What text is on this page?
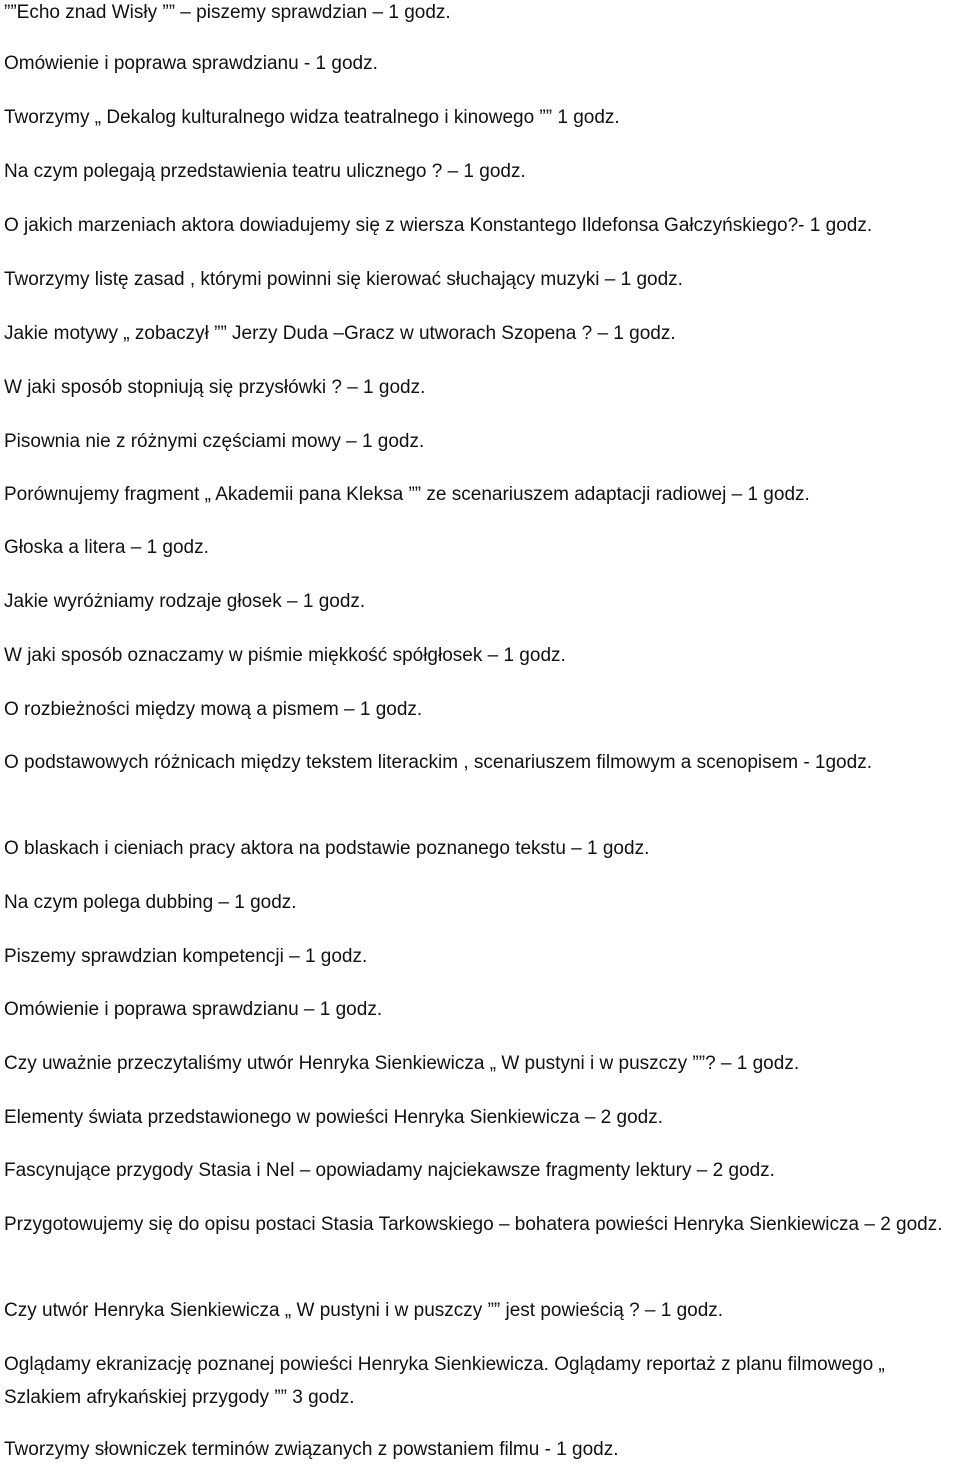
””Echo znad Wisły ”” – piszemy sprawdzian – 1 godz.
Omówienie i poprawa sprawdzianu - 1 godz.
Tworzymy „ Dekalog kulturalnego widza teatralnego i kinowego ”” 1 godz.
Na czym polegają przedstawienia teatru ulicznego ? – 1 godz.
O jakich marzeniach aktora dowiadujemy się z wiersza Konstantego Ildefonsa Gałczyńskiego?- 1 godz.
Tworzymy listę zasad , którymi powinni się kierować słuchający muzyki – 1 godz.
Jakie motywy „ zobaczył ”” Jerzy Duda –Gracz w utworach Szopena ? – 1 godz.
W jaki sposób stopniują się przysłówki ? – 1 godz.
Pisownia nie z różnymi częściami mowy – 1 godz.
Porównujemy fragment „ Akademii pana Kleksa ”” ze scenariuszem adaptacji radiowej – 1 godz.
Głoska a litera – 1 godz.
Jakie wyróżniamy rodzaje głosek – 1 godz.
W jaki sposób oznaczamy w piśmie miękkość spółgłosek – 1 godz.
O rozbieżności między mową a pismem – 1 godz.
O podstawowych różnicach między tekstem literackim , scenariuszem filmowym a scenopisem - 1godz.
O blaskach i cieniach pracy aktora na podstawie poznanego tekstu – 1 godz.
Na czym polega dubbing – 1 godz.
Piszemy sprawdzian kompetencji – 1 godz.
Omówienie i poprawa sprawdzianu – 1 godz.
Czy uważnie przeczytaliśmy utwór Henryka Sienkiewicza „ W pustyni i w puszczy ””? – 1 godz.
Elementy świata przedstawionego w powieści Henryka Sienkiewicza – 2 godz.
Fascynujące przygody Stasia i Nel – opowiadamy najciekawsze fragmenty lektury – 2 godz.
Przygotowujemy się do opisu postaci Stasia Tarkowskiego – bohatera powieści Henryka Sienkiewicza – 2 godz.
Czy utwór Henryka Sienkiewicza „ W pustyni i w puszczy ”” jest powieścią ? – 1 godz.
Oglądamy ekranizację poznanej powieści Henryka Sienkiewicza. Oglądamy reportaż z planu filmowego „ Szlakiem afrykańskiej przygody ”” 3 godz.
Tworzymy słowniczek terminów związanych z powstaniem filmu - 1 godz.
